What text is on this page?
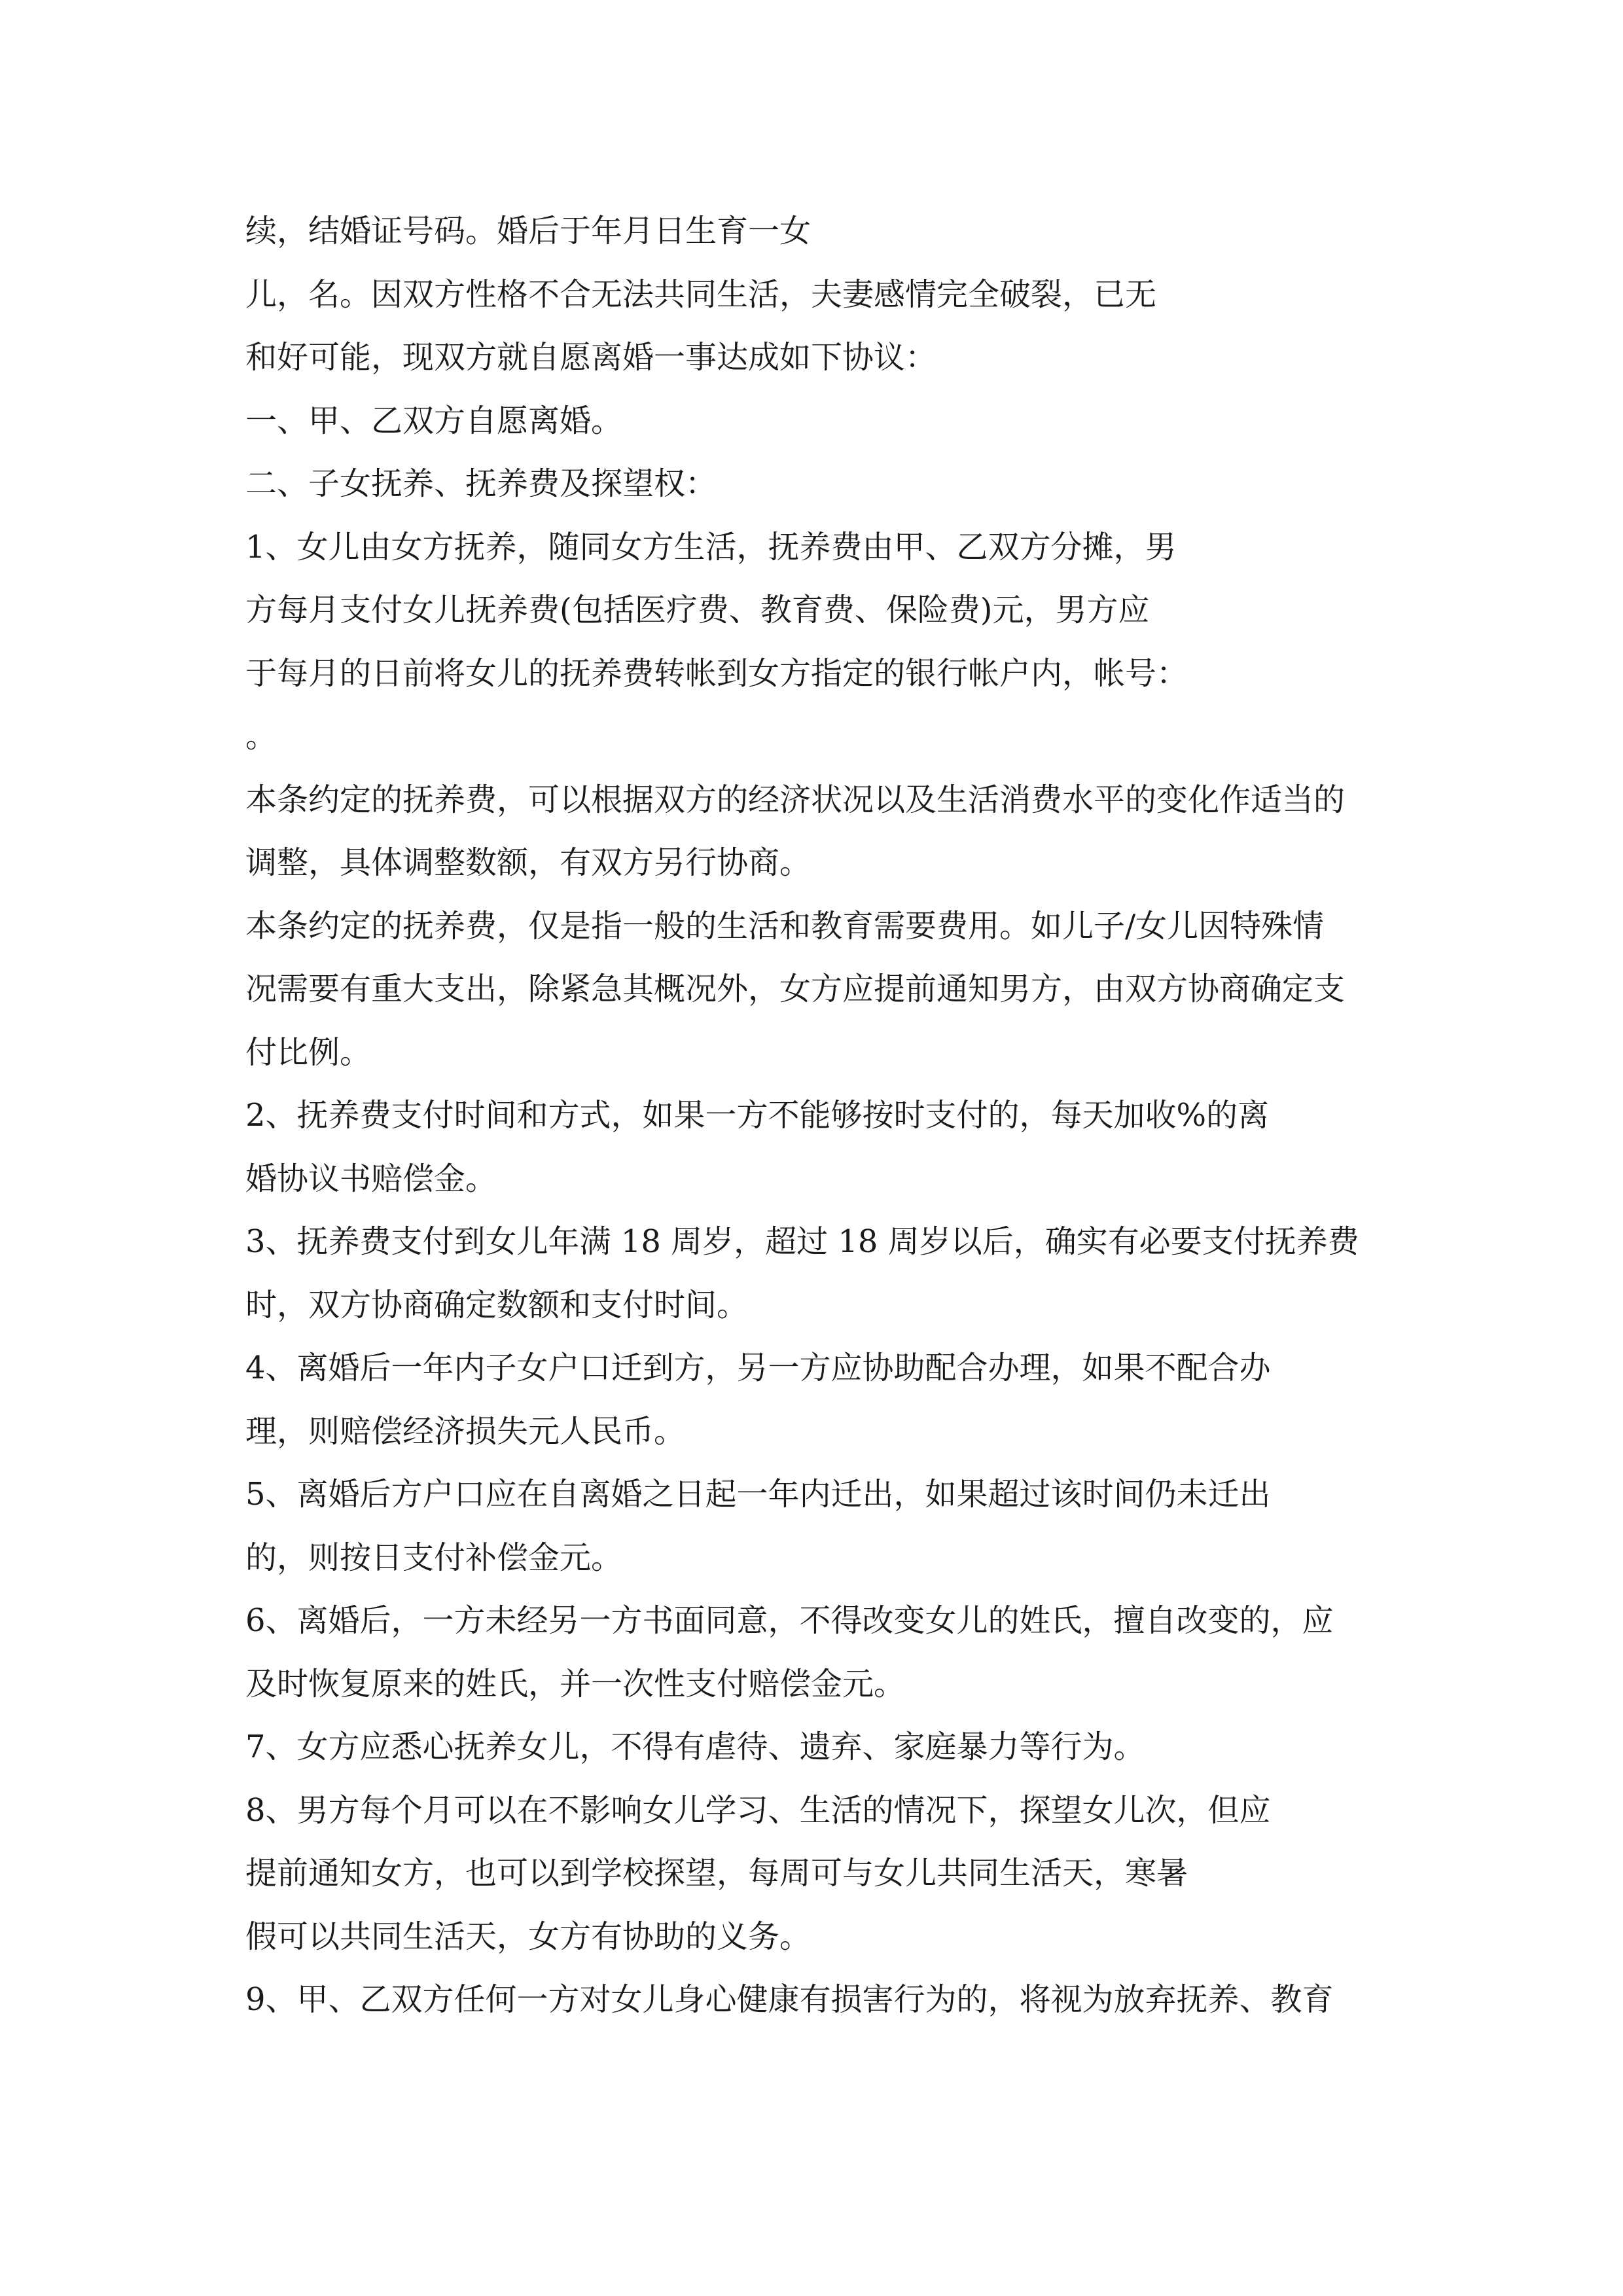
续，结婚证号码。婚后于年月日生育一女
儿，名。因双方性格不合无法共同生活，夫妻感情完全破裂，已无
和好可能，现双方就自愿离婚一事达成如下协议：
一、甲、乙双方自愿离婚。
二、子女抚养、抚养费及探望权：
1、女儿由女方抚养，随同女方生活，抚养费由甲、乙双方分摊，男
方每月支付女儿抚养费(包括医疗费、教育费、保险费)元，男方应
于每月的日前将女儿的抚养费转帐到女方指定的银行帐户内，帐号：
。
本条约定的抚养费，可以根据双方的经济状况以及生活消费水平的变化作适当的
调整，具体调整数额，有双方另行协商。
本条约定的抚养费，仅是指一般的生活和教育需要费用。如儿子/女儿因特殊情
况需要有重大支出，除紧急其概况外，女方应提前通知男方，由双方协商确定支
付比例。
2、抚养费支付时间和方式，如果一方不能够按时支付的，每天加收%的离
婚协议书赔偿金。
3、抚养费支付到女儿年满 18 周岁，超过 18 周岁以后，确实有必要支付抚养费
时，双方协商确定数额和支付时间。
4、离婚后一年内子女户口迁到方，另一方应协助配合办理，如果不配合办
理，则赔偿经济损失元人民币。
5、离婚后方户口应在自离婚之日起一年内迁出，如果超过该时间仍未迁出
的，则按日支付补偿金元。
6、离婚后，一方未经另一方书面同意，不得改变女儿的姓氏，擅自改变的，应
及时恢复原来的姓氏，并一次性支付赔偿金元。
7、女方应悉心抚养女儿，不得有虐待、遗弃、家庭暴力等行为。
8、男方每个月可以在不影响女儿学习、生活的情况下，探望女儿次，但应
提前通知女方，也可以到学校探望，每周可与女儿共同生活天，寒暑
假可以共同生活天，女方有协助的义务。
9、甲、乙双方任何一方对女儿身心健康有损害行为的，将视为放弃抚养、教育
